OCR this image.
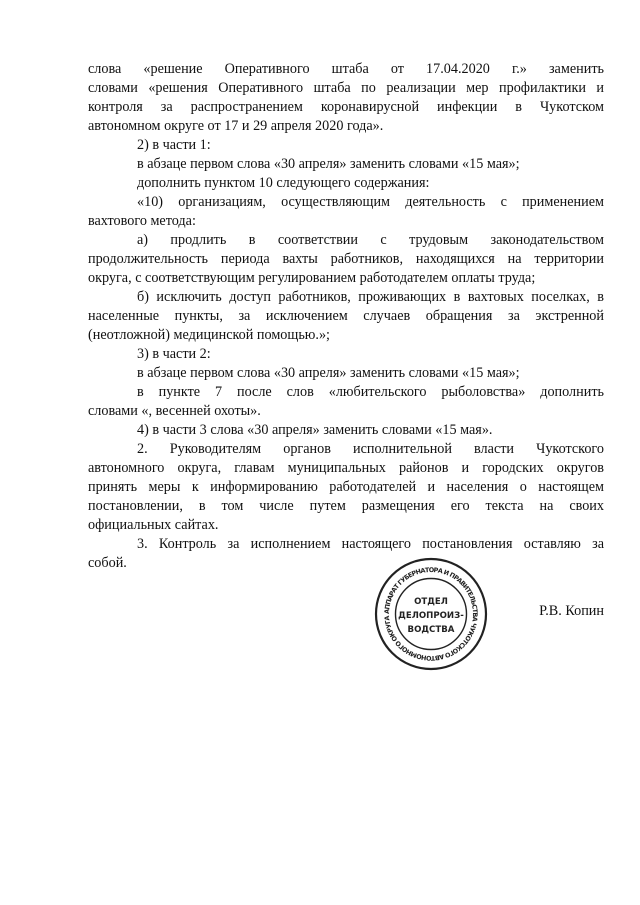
слова «решение Оперативного штаба от 17.04.2020 г.» заменить
словами «решения Оперативного штаба по реализации мер профилактики и
контроля за распространением коронавирусной инфекции в Чукотском
автономном округе от 17 и 29 апреля 2020 года».
2) в части 1:
в абзаце первом слова «30 апреля» заменить словами «15 мая»;
дополнить пунктом 10 следующего содержания:
«10) организациям, осуществляющим деятельность с применением
вахтового метода:
а) продлить в соответствии с трудовым законодательством
продолжительность периода вахты работников, находящихся на территории
округа, с соответствующим регулированием работодателем оплаты труда;
б) исключить доступ работников, проживающих в вахтовых поселках, в
населенные пункты, за исключением случаев обращения за экстренной
(неотложной) медицинской помощью.»;
3) в части 2:
в абзаце первом слова «30 апреля» заменить словами «15 мая»;
в пункте 7 после слов «любительского рыболовства» дополнить
словами «, весенней охоты».
4) в части 3 слова «30 апреля» заменить словами «15 мая».
2. Руководителям органов исполнительной власти Чукотского
автономного округа, главам муниципальных районов и городских округов
принять меры к информированию работодателей и населения о настоящем
постановлении, в том числе путем размещения его текста на своих
официальных сайтах.
3. Контроль за исполнением настоящего постановления оставляю за
собой.
АППАРАТ ГУБЕРНАТОРА И ПРАВИТЕЛЬСТВА ЧУКОТСКОГО АВТОНОМНОГО ОКРУГА
ОТДЕЛ
ДЕЛОПРОИЗ-
ВОДСТВА
Р.В. Копин
